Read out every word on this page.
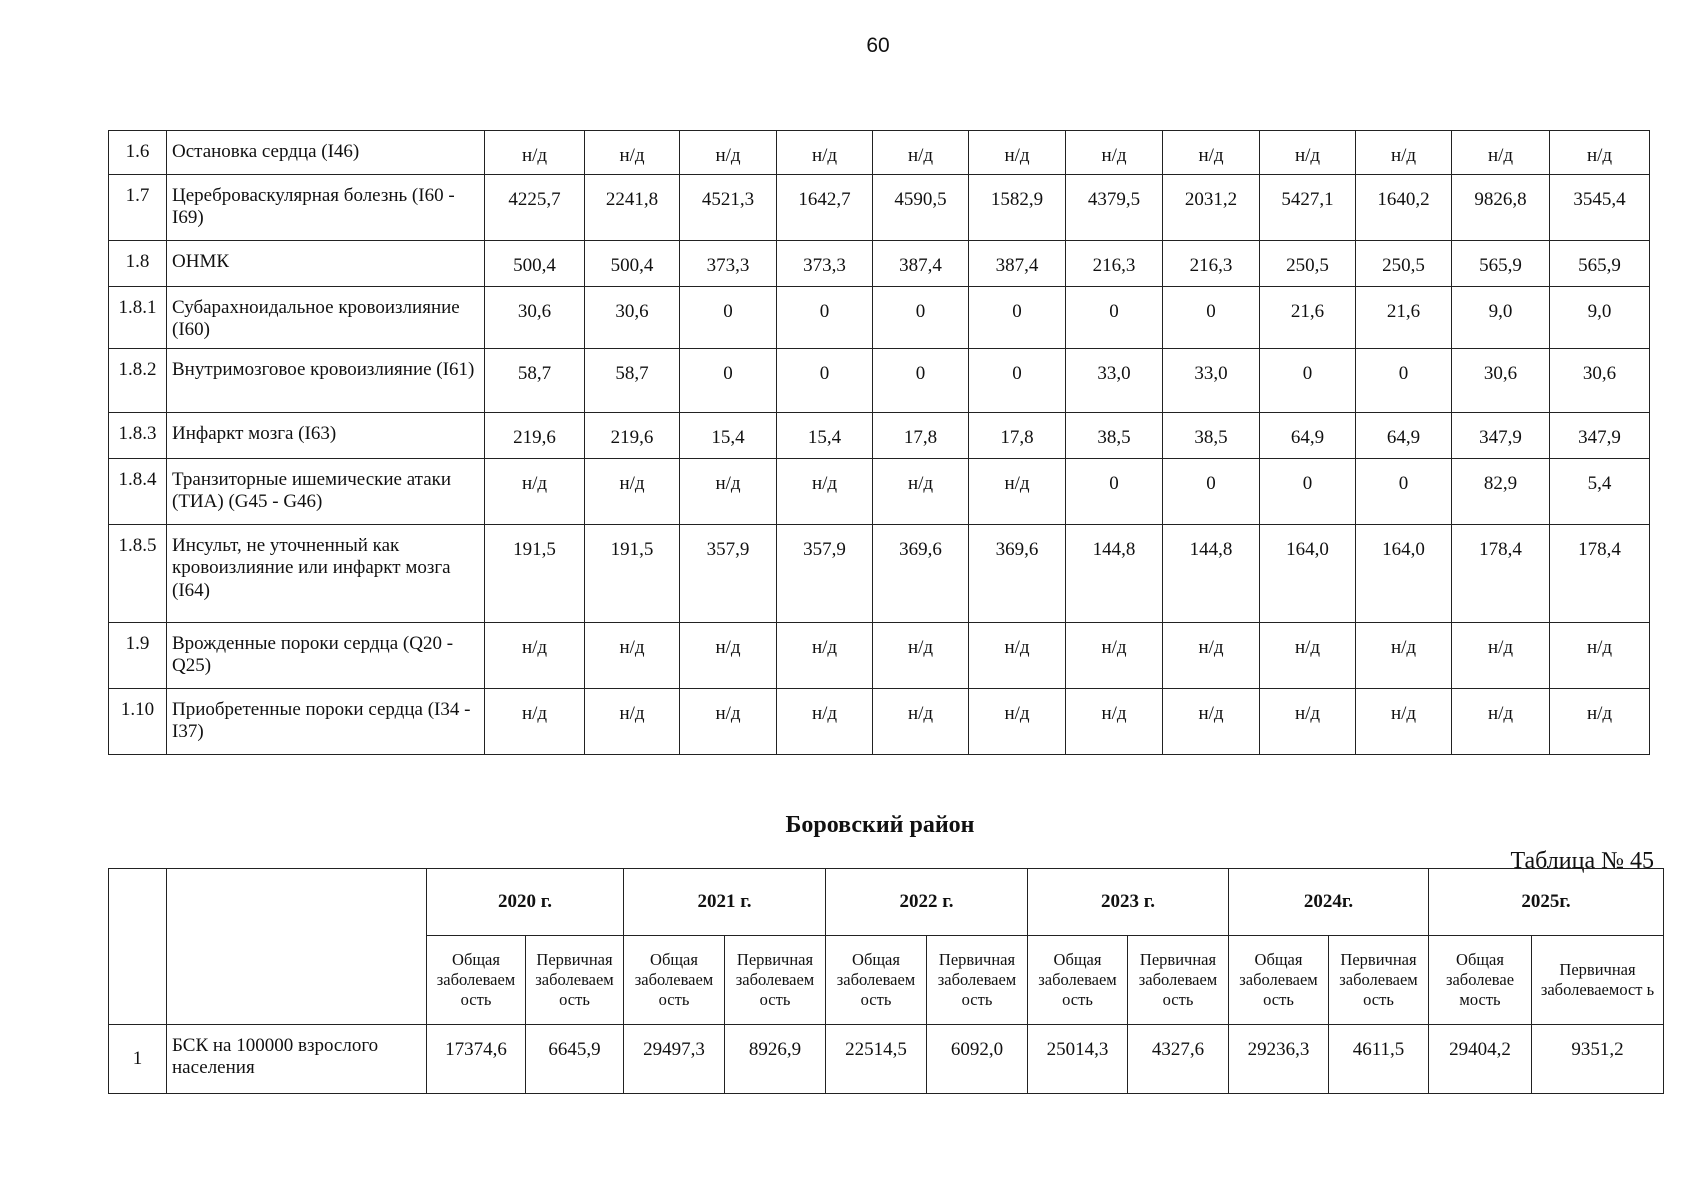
60
1.6	Остановка сердца (I46)	н/д	н/д	н/д	н/д	н/д	н/д	н/д	н/д	н/д	н/д	н/д	н/д
1.7	Цереброваскулярная болезнь (I60 - I69)	4225,7	2241,8	4521,3	1642,7	4590,5	1582,9	4379,5	2031,2	5427,1	1640,2	9826,8	3545,4
1.8	ОНМК	500,4	500,4	373,3	373,3	387,4	387,4	216,3	216,3	250,5	250,5	565,9	565,9
1.8.1	Субарахноидальное кровоизлияние (I60)	30,6	30,6	0	0	0	0	0	0	21,6	21,6	9,0	9,0
1.8.2	Внутримозговое кровоизлияние (I61)	58,7	58,7	0	0	0	0	33,0	33,0	0	0	30,6	30,6
1.8.3	Инфаркт мозга (I63)	219,6	219,6	15,4	15,4	17,8	17,8	38,5	38,5	64,9	64,9	347,9	347,9
1.8.4	Транзиторные ишемические атаки (ТИА) (G45 - G46)	н/д	н/д	н/д	н/д	н/д	н/д	0	0	0	0	82,9	5,4
1.8.5	Инсульт, не уточненный как кровоизлияние или инфаркт мозга (I64)	191,5	191,5	357,9	357,9	369,6	369,6	144,8	144,8	164,0	164,0	178,4	178,4
1.9	Врожденные пороки сердца (Q20 - Q25)	н/д	н/д	н/д	н/д	н/д	н/д	н/д	н/д	н/д	н/д	н/д	н/д
1.10	Приобретенные пороки сердца (I34 - I37)	н/д	н/д	н/д	н/д	н/д	н/д	н/д	н/д	н/д	н/д	н/д	н/д
Боровский район
Таблица № 45
		2020 г.		2021 г.		2022 г.		2023 г.		2024г.		2025г.	
		Общая заболеваем ость	Первичная заболеваем ость	Общая заболеваем ость	Первичная заболеваем ость	Общая заболеваем ость	Первичная заболеваем ость	Общая заболеваем ость	Первичная заболеваем ость	Общая заболеваем ость	Первичная заболеваем ость	Общая заболевае мость	Первичная заболеваемост ь
1	БСК на 100000 взрослого населения	17374,6	6645,9	29497,3	8926,9	22514,5	6092,0	25014,3	4327,6	29236,3	4611,5	29404,2	9351,2
